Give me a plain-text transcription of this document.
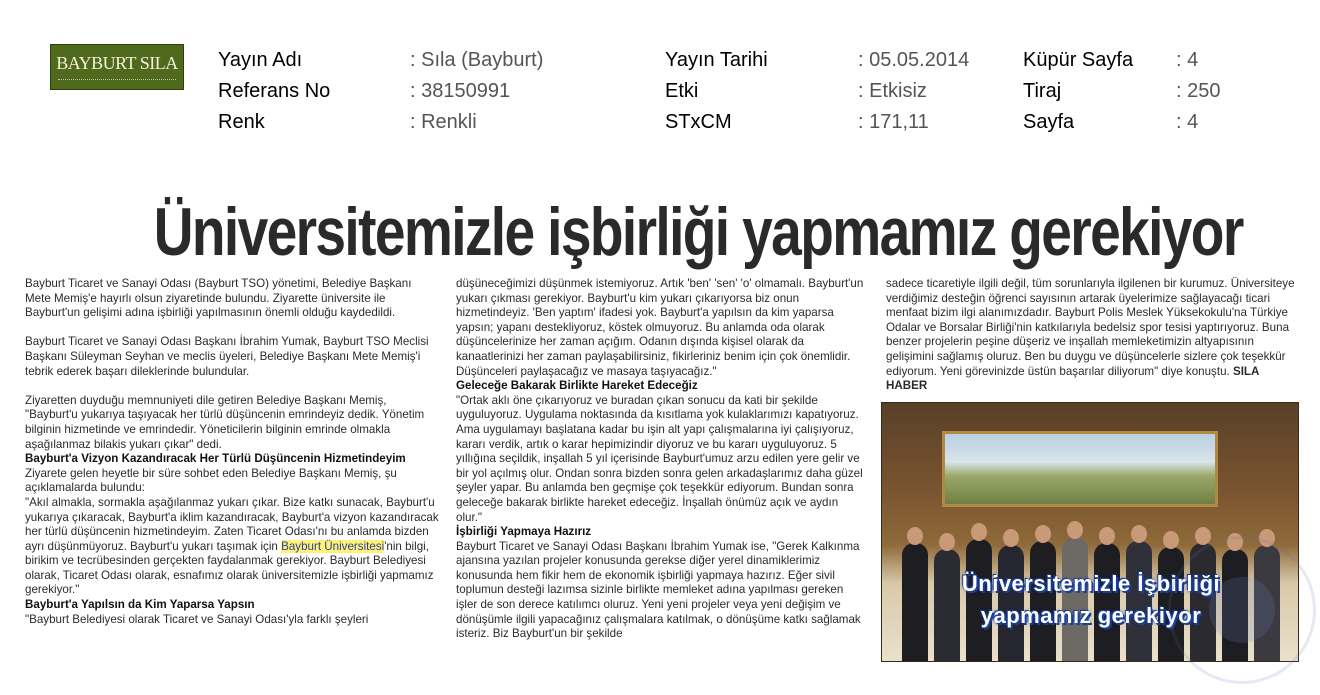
BAYBURT SILA Yayın Adı	: Sıla (Bayburt)
Referans No	: 38150991
Renk	: Renkli
Yayın Tarihi	: 05.05.2014
Etki	: Etkisiz
STxCM	: 171,11
Küpür Sayfa : 4
Tiraj	: 250
Sayfa	: 4
Üniversitemizle işbirliği yapmamız gerekiyor

Bayburt Ticaret ve Sanayi Odası (Bayburt TSO) yönetimi, Belediye Başkanı Mete Memiş'e hayırlı olsun ziyaretinde bulundu. Ziyarette üniversite ile Bayburt'un gelişimi adına işbirliği yapılmasının önemli olduğu kaydedildi.

Bayburt Ticaret ve Sanayi Odası Başkanı İbrahim Yumak, Bayburt TSO Meclisi Başkanı Süleyman Seyhan ve meclis üyeleri, Belediye Başkanı Mete Memiş'i tebrik ederek başarı dileklerinde bulundular.

Ziyaretten duyduğu memnuniyeti dile getiren Belediye Başkanı Memiş, "Bayburt'u yukarıya taşıyacak her türlü düşüncenin emrindeyiz dedik. Yönetim bilginin hizmetinde ve emrindedir. Yöneticilerin bilginin emrinde olmakla aşağılanmaz bilakis yukarı çıkar" dedi.

Bayburt'a Vizyon Kazandıracak Her Türlü Düşüncenin Hizmetindeyim

Ziyarete gelen heyetle bir süre sohbet eden Belediye Başkanı Memiş, şu açıklamalarda bulundu:

"Akıl almakla, sormakla aşağılanmaz yukarı çıkar. Bize katkı sunacak, Bayburt'u yukarıya çıkaracak, Bayburt'a iklim kazandıracak, Bayburt'a vizyon kazandıracak her türlü düşüncenin hizmetindeyim. Zaten Ticaret Odası'nı bu anlamda bizden ayrı düşünmüyoruz. Bayburt'u yukarı taşımak için Bayburt Üniversitesi'nin bilgi, birikim ve tecrübesinden gerçekten faydalanmak gerekiyor. Bayburt Belediyesi olarak, Ticaret Odası olarak, esnafımız olarak üniversitemizle işbirliği yapmamız gerekiyor."

Bayburt'a Yapılsın da Kim Yaparsa Yapsın

"Bayburt Belediyesi olarak Ticaret ve Sanayi Odası'yla farklı şeyleri

düşüneceğimizi düşünmek istemiyoruz. Artık 'ben' 'sen' 'o' olmamalı. Bayburt'un yukarı çıkması gerekiyor. Bayburt'u kim yukarı çıkarıyorsa biz onun hizmetindeyiz. 'Ben yaptım' ifadesi yok. Bayburt'a yapılsın da kim yaparsa yapsın; yapanı destekliyoruz, köstek olmuyoruz. Bu anlamda oda olarak düşüncelerinize her zaman açığım. Odanın dışında kişisel olarak da kanaatlerinizi her zaman paylaşabilirsiniz, fikirleriniz benim için çok önemlidir. Düşünceleri paylaşacağız ve masaya taşıyacağız."

Geleceğe Bakarak Birlikte Hareket Edeceğiz

"Ortak aklı öne çıkarıyoruz ve buradan çıkan sonucu da kati bir şekilde uyguluyoruz. Uygulama noktasında da kısıtlama yok kulaklarımızı kapatıyoruz. Ama uygulamayı başlatana kadar bu işin alt yapı çalışmalarına iyi çalışıyoruz, kararı verdik, artık o karar hepimizindir diyoruz ve bu kararı uyguluyoruz. 5 yıllığına seçildik, inşallah 5 yıl içerisinde Bayburt'umuz arzu edilen yere gelir ve bir yol açılmış olur. Ondan sonra bizden sonra gelen arkadaşlarımız daha güzel şeyler yapar. Bu anlamda ben geçmişe çok teşekkür ediyorum. Bundan sonra geleceğe bakarak birlikte hareket edeceğiz. İnşallah önümüz açık ve aydın olur."

İşbirliği Yapmaya Hazırız

Bayburt Ticaret ve Sanayi Odası Başkanı İbrahim Yumak ise, "Gerek Kalkınma ajansına yazılan projeler konusunda gerekse diğer yerel dinamiklerimiz konusunda hem fikir hem de ekonomik işbirliği yapmaya hazırız. Eğer sivil toplumun desteği lazımsa sizinle birlikte memleket adına yapılması gereken işler de son derece katılımcı oluruz. Yeni yeni projeler veya yeni değişim ve dönüşümle ilgili yapacağınız çalışmalara katılmak, o dönüşüme katkı sağlamak isteriz. Biz Bayburt'un bir şekilde

sadece ticaretiyle ilgili değil, tüm sorunlarıyla ilgilenen bir kurumuz. Üniversiteye verdiğimiz desteğin öğrenci sayısının artarak üyelerimize sağlayacağı ticari menfaat bizim ilgi alanımızdadır. Bayburt Polis Meslek Yüksekokulu'na Türkiye Odalar ve Borsalar Birliği'nin katkılarıyla bedelsiz spor tesisi yaptırıyoruz. Buna benzer projelerin peşine düşeriz ve inşallah memleketimizin altyapısının gelişimini sağlamış oluruz. Ben bu duygu ve düşüncelerle sizlere çok teşekkür ediyorum. Yeni görevinizde üstün başarılar diliyorum" diye konuştu. SILA HABER

Üniversitemizle İşbirliği
yapmamız gerekiyor
